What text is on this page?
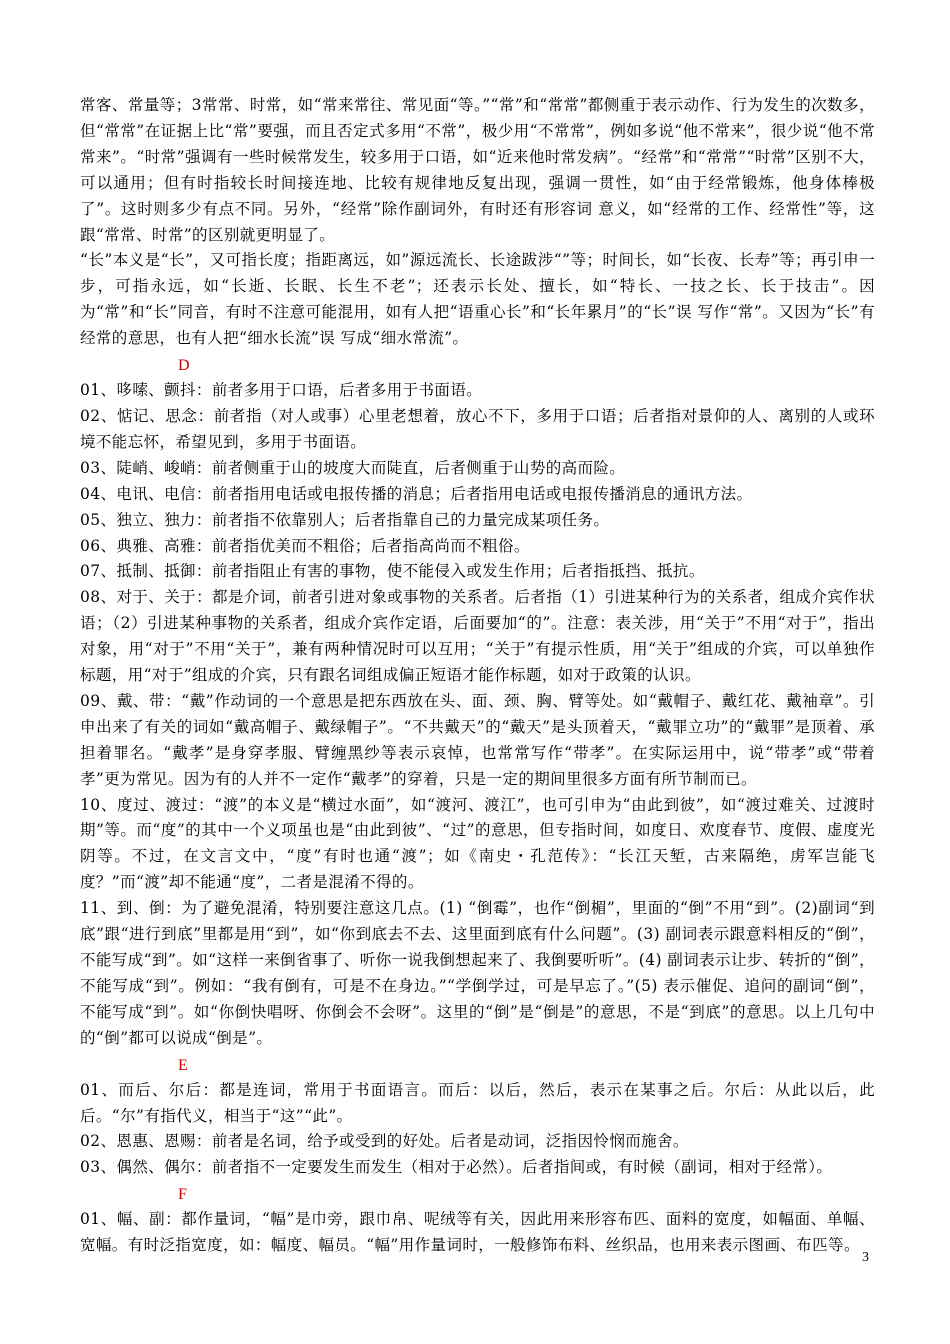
常客、常量等；3常常、时常，如“常来常往、常见面“等。”“常”和“常常”都侧重于表示动作、行为发生的次数多，但“常常”在证据上比“常”要强，而且否定式多用“不常”，极少用“不常常”，例如多说“他不常来”，很少说“他不常常来”。“时常”强调有一些时候常发生，较多用于口语，如“近来他时常发病”。“经常”和“常常”“时常”区别不大，可以通用；但有时指较长时间接连地、比较有规律地反复出现，强调一贯性，如“由于经常锻炼，他身体棒极了”。这时则多少有点不同。另外，“经常”除作副词外，有时还有形容词 意义，如“经常的工作、经常性”等，这跟“常常、时常”的区别就更明显了。

“长”本义是“长”，又可指长度；指距离远，如”源远流长、长途跋涉“”等；时间长，如“长夜、长寿”等；再引申一步，可指永远，如“长逝、长眠、长生不老”；还表示长处、擅长，如“特长、一技之长、长于技击”。因为“常”和“长”同音，有时不注意可能混用，如有人把“语重心长”和“长年累月”的“长”误 写作“常”。又因为“长”有经常的意思，也有人把“细水长流”误 写成“细水常流”。

D

01、哆嗦、颤抖：前者多用于口语，后者多用于书面语。

02、惦记、思念：前者指（对人或事）心里老想着，放心不下，多用于口语；后者指对景仰的人、离别的人或环境不能忘怀，希望见到，多用于书面语。

03、陡峭、峻峭：前者侧重于山的坡度大而陡直，后者侧重于山势的高而险。

04、电讯、电信：前者指用电话或电报传播的消息；后者指用电话或电报传播消息的通讯方法。

05、独立、独力：前者指不依靠别人；后者指靠自己的力量完成某项任务。

06、典雅、高雅：前者指优美而不粗俗；后者指高尚而不粗俗。

07、抵制、抵御：前者指阻止有害的事物，使不能侵入或发生作用；后者指抵挡、抵抗。

08、对于、关于：都是介词，前者引进对象或事物的关系者。后者指（1）引进某种行为的关系者，组成介宾作状语；（2）引进某种事物的关系者，组成介宾作定语，后面要加“的”。注意：表关涉，用“关于”不用“对于”，指出对象，用“对于”不用“关于”，兼有两种情况时可以互用；“关于”有提示性质，用“关于”组成的介宾，可以单独作标题，用“对于”组成的介宾，只有跟名词组成偏正短语才能作标题，如对于政策的认识。

09、戴、带：“戴”作动词的一个意思是把东西放在头、面、颈、胸、臂等处。如“戴帽子、戴红花、戴袖章”。引申出来了有关的词如“戴高帽子、戴绿帽子”。“不共戴天”的“戴天”是头顶着天，“戴罪立功”的“戴罪”是顶着、承担着罪名。“戴孝”是身穿孝服、臂缠黑纱等表示哀悼，也常常写作“带孝”。在实际运用中，说“带孝”或“带着孝”更为常见。因为有的人并不一定作“戴孝”的穿着，只是一定的期间里很多方面有所节制而已。

10、度过、渡过：“渡”的本义是“横过水面”，如“渡河、渡江”，也可引申为“由此到彼”，如“渡过难关、过渡时期”等。而“度”的其中一个义项虽也是“由此到彼”、“过”的意思，但专指时间，如度日、欢度春节、度假、虚度光阴等。不过，在文言文中，“度”有时也通“渡”；如《南史・孔范传》：“长江天堑，古来隔绝，虏军岂能飞度？”而“渡”却不能通“度”，二者是混淆不得的。

11、到、倒：为了避免混淆，特别要注意这几点。(1) “倒霉”，也作“倒楣”，里面的“倒”不用“到”。(2)副词“到底”跟“进行到底”里都是用“到”，如“你到底去不去、这里面到底有什么问题”。(3) 副词表示跟意料相反的“倒”，不能写成“到”。如“这样一来倒省事了、听你一说我倒想起来了、我倒要听听”。(4) 副词表示让步、转折的“倒”，不能写成“到”。例如：“我有倒有，可是不在身边。”“学倒学过，可是早忘了。”(5) 表示催促、追问的副词“倒”，不能写成“到”。如“你倒快唱呀、你倒会不会呀”。这里的“倒”是“倒是”的意思，不是“到底”的意思。以上几句中的“倒”都可以说成“倒是”。

E

01、而后、尔后：都是连词，常用于书面语言。而后：以后，然后，表示在某事之后。尔后：从此以后，此后。“尔”有指代义，相当于“这”“此”。

02、恩惠、恩赐：前者是名词，给予或受到的好处。后者是动词，泛指因怜悯而施舍。

03、偶然、偶尔：前者指不一定要发生而发生（相对于必然）。后者指间或，有时候（副词，相对于经常）。

F

01、幅、副：都作量词，“幅”是巾旁，跟巾帛、呢绒等有关，因此用来形容布匹、面料的宽度，如幅面、单幅、宽幅。有时泛指宽度，如：幅度、幅员。“幅”用作量词时，一般修饰布料、丝织品，也用来表示图画、布匹等。

3
